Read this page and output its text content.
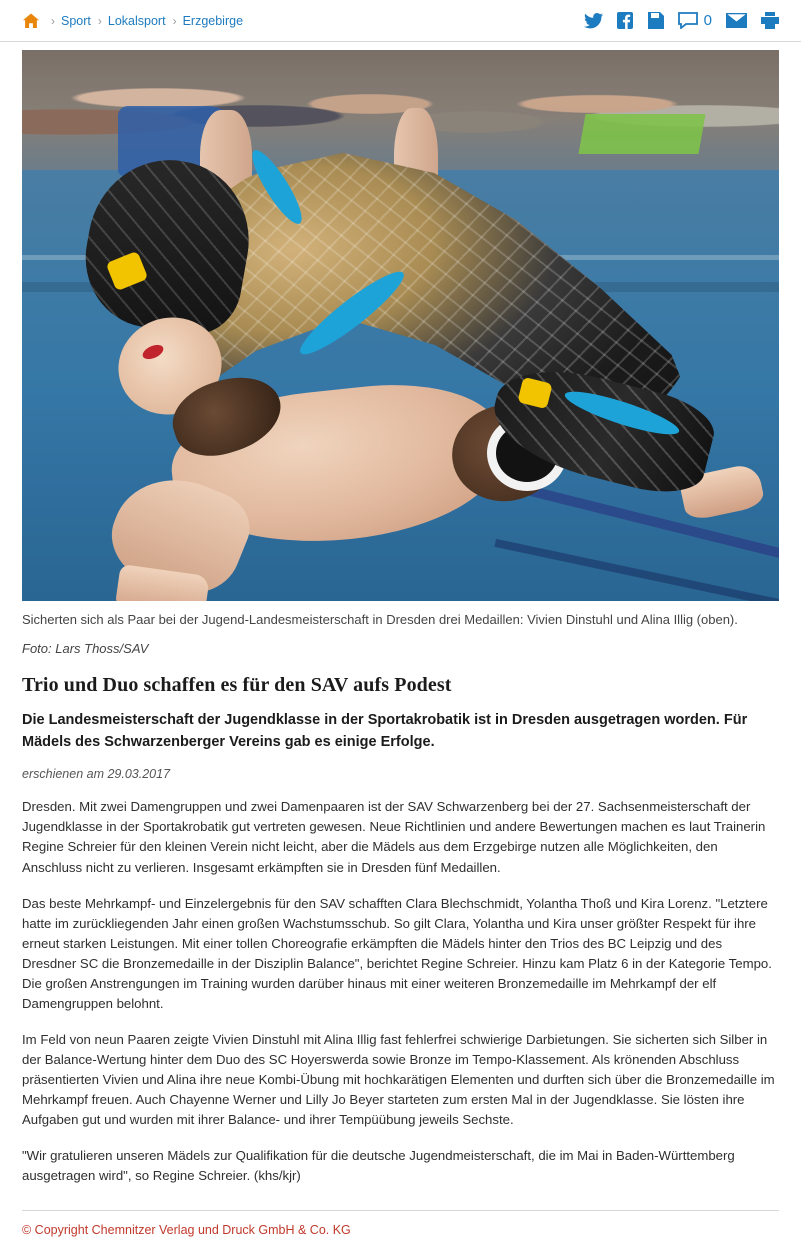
› Sport › Lokalsport › Erzgebirge	0

Sicherten sich als Paar bei der Jugend-Landesmeisterschaft in Dresden drei Medaillen: Vivien Dinstuhl und Alina Illig (oben).

Foto: Lars Thoss/SAV

Trio und Duo schaffen es für den SAV aufs Podest
Die Landesmeisterschaft der Jugendklasse in der Sportakrobatik ist in Dresden ausgetragen worden. Für Mädels des Schwarzenberger Vereins gab es einige Erfolge.

erschienen am 29.03.2017

Dresden. Mit zwei Damengruppen und zwei Damenpaaren ist der SAV Schwarzenberg bei der 27. Sachsenmeisterschaft der Jugendklasse in der Sportakrobatik gut vertreten gewesen. Neue Richtlinien und andere Bewertungen machen es laut Trainerin Regine Schreier für den kleinen Verein nicht leicht, aber die Mädels aus dem Erzgebirge nutzen alle Möglichkeiten, den Anschluss nicht zu verlieren. Insgesamt erkämpften sie in Dresden fünf Medaillen.

Das beste Mehrkampf- und Einzelergebnis für den SAV schafften Clara Blechschmidt, Yolantha Thoß und Kira Lorenz. "Letztere hatte im zurückliegenden Jahr einen großen Wachstumsschub. So gilt Clara, Yolantha und Kira unser größter Respekt für ihre erneut starken Leistungen. Mit einer tollen Choreografie erkämpften die Mädels hinter den Trios des BC Leipzig und des Dresdner SC die Bronzemedaille in der Disziplin Balance", berichtet Regine Schreier. Hinzu kam Platz 6 in der Kategorie Tempo. Die großen Anstrengungen im Training wurden darüber hinaus mit einer weiteren Bronzemedaille im Mehrkampf der elf Damengruppen belohnt.

Im Feld von neun Paaren zeigte Vivien Dinstuhl mit Alina Illig fast fehlerfrei schwierige Darbietungen. Sie sicherten sich Silber in der Balance-Wertung hinter dem Duo des SC Hoyerswerda sowie Bronze im Tempo-Klassement. Als krönenden Abschluss präsentierten Vivien und Alina ihre neue Kombi-Übung mit hochkarätigen Elementen und durften sich über die Bronzemedaille im Mehrkampf freuen. Auch Chayenne Werner und Lilly Jo Beyer starteten zum ersten Mal in der Jugendklasse. Sie lösten ihre Aufgaben gut und wurden mit ihrer Balance- und ihrer Tempüübung jeweils Sechste.

"Wir gratulieren unseren Mädels zur Qualifikation für die deutsche Jugendmeisterschaft, die im Mai in Baden-Württemberg ausgetragen wird", so Regine Schreier. (khs/kjr)

© Copyright Chemnitzer Verlag und Druck GmbH & Co. KG
